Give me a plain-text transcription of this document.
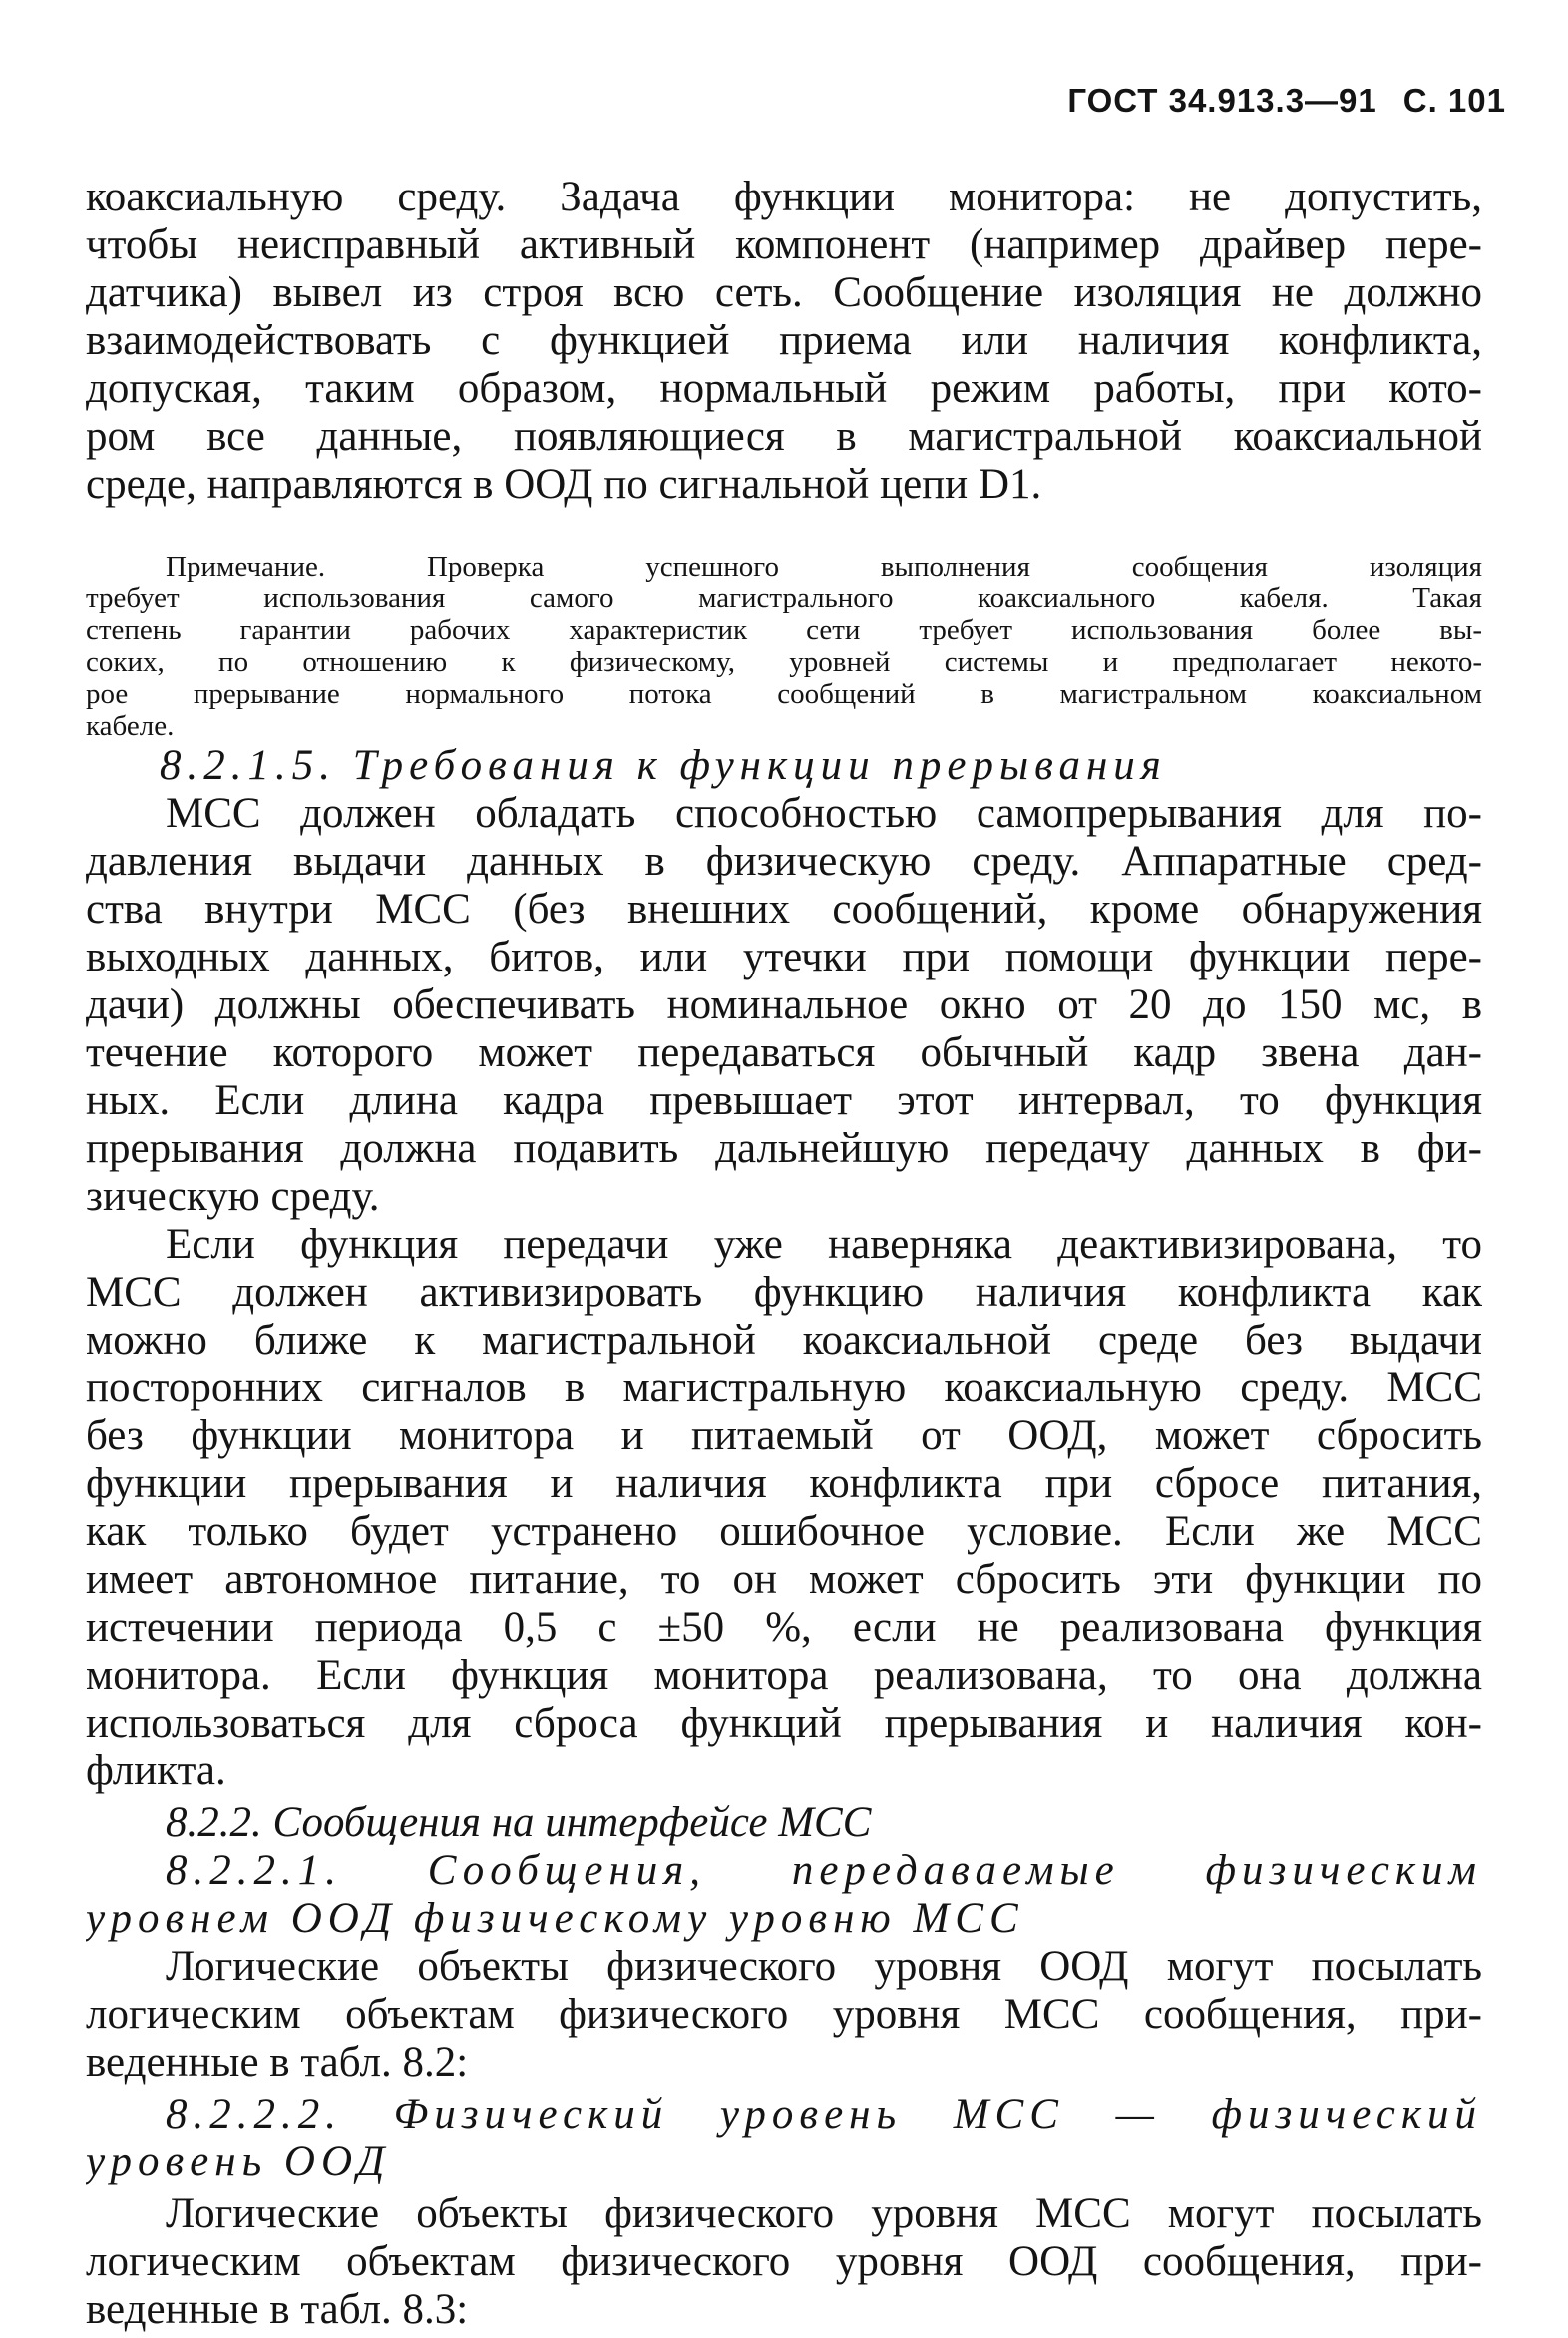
ГОСТ 34.913.3—91 С. 101
коаксиальную среду. Задача функции монитора: не допустить,
чтобы неисправный активный компонент (например драйвер пере-
датчика) вывел из строя всю сеть. Сообщение изоляция не должно
взаимодействовать с функцией приема или наличия конфликта,
допуская, таким образом, нормальный режим работы, при кото-
ром все данные, появляющиеся в магистральной коаксиальной
среде, направляются в ООД по сигнальной цепи D1.
Примечание. Проверка успешного выполнения сообщения изоляция
требует использования самого магистрального коаксиального кабеля. Такая
степень гарантии рабочих характеристик сети требует использования более вы-
соких, по отношению к физическому, уровней системы и предполагает некото-
рое прерывание нормального потока сообщений в магистральном коаксиальном
кабеле.
8.2.1.5. Требования к функции прерывания
МСС должен обладать способностью самопрерывания для по-
давления выдачи данных в физическую среду. Аппаратные сред-
ства внутри МСС (без внешних сообщений, кроме обнаружения
выходных данных, битов, или утечки при помощи функции пере-
дачи) должны обеспечивать номинальное окно от 20 до 150 мс, в
течение которого может передаваться обычный кадр звена дан-
ных. Если длина кадра превышает этот интервал, то функция
прерывания должна подавить дальнейшую передачу данных в фи-
зическую среду.
Если функция передачи уже наверняка деактивизирована, то
МСС должен активизировать функцию наличия конфликта как
можно ближе к магистральной коаксиальной среде без выдачи
посторонних сигналов в магистральную коаксиальную среду. МСС
без функции монитора и питаемый от ООД, может сбросить
функции прерывания и наличия конфликта при сбросе питания,
как только будет устранено ошибочное условие. Если же МСС
имеет автономное питание, то он может сбросить эти функции по
истечении периода 0,5 с ±50 %, если не реализована функция
монитора. Если функция монитора реализована, то она должна
использоваться для сброса функций прерывания и наличия кон-
фликта.
8.2.2. Сообщения на интерфейсе МСС
8.2.2.1. Сообщения, передаваемые физическим
уровнем ООД физическому уровню МСС
Логические объекты физического уровня ООД могут посылать
логическим объектам физического уровня МСС сообщения, при-
веденные в табл. 8.2:
8.2.2.2. Физический уровень МСС — физический
уровень ООД
Логические объекты физического уровня МСС могут посылать
логическим объектам физического уровня ООД сообщения, при-
веденные в табл. 8.3:
